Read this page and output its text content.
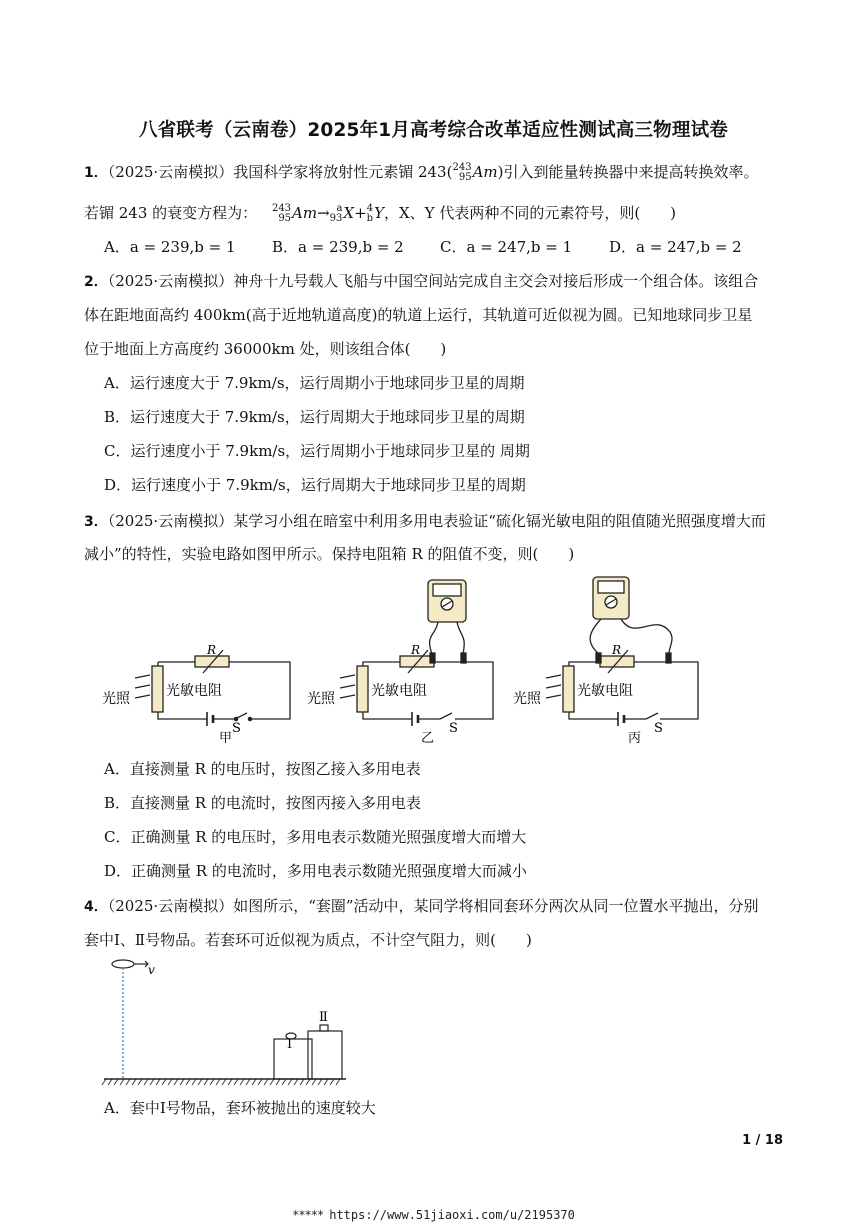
八省联考（云南卷）2025年1月高考综合改革适应性测试高三物理试卷
1．（2025·云南模拟）我国科学家将放射性元素镅 243( 243
95 Am)引入到能量转换器中来提高转换效率。
若镅 243 的衰变方程为： 243
95 Am→ a
93 X+ 4
b Y，X、Y 代表两种不同的元素符号，则(　　)
A．a = 239,b = 1 B．a = 239,b = 2 C．a = 247,b = 1 D．a = 247,b = 2
2．（2025·云南模拟）神舟十九号载人飞船与中国空间站完成自主交会对接后形成一个组合体。该组合
体在距地面高约 400km(高于近地轨道高度)的轨道上运行，其轨道可近似视为圆。已知地球同步卫星
位于地面上方高度约 36000km 处，则该组合体(　　)
A．运行速度大于 7.9km/s，运行周期小于地球同步卫星的周期
B．运行速度大于 7.9km/s，运行周期大于地球同步卫星的周期
C．运行速度小于 7.9km/s，运行周期小于地球同步卫星的 周期
D．运行速度小于 7.9km/s，运行周期大于地球同步卫星的周期
3．（2025·云南模拟）某学习小组在暗室中利用多用电表验证“硫化镉光敏电阻的阻值随光照强度增大而
减小”的特性，实验电路如图甲所示。保持电阻箱 R 的阻值不变，则(　　)
R
光照	光敏电阻
S
甲
R
光照	光敏电阻
S
乙
R
光照	光敏电阻
S
丙
A．直接测量 R 的电压时，按图乙接入多用电表
B．直接测量 R 的电流时，按图丙接入多用电表
C．正确测量 R 的电压时，多用电表示数随光照强度增大而增大
D．正确测量 R 的电流时，多用电表示数随光照强度增大而减小
4．（2025·云南模拟）如图所示，“套圈”活动中，某同学将相同套环分两次从同一位置水平抛出，分别
套中Ⅰ、Ⅱ号物品。若套环可近似视为质点，不计空气阻力，则(　　)
v
Ⅰ
Ⅱ
A．套中Ⅰ号物品，套环被抛出的速度较大
1 / 18
***** https://www.51jiaoxi.com/u/2195370
